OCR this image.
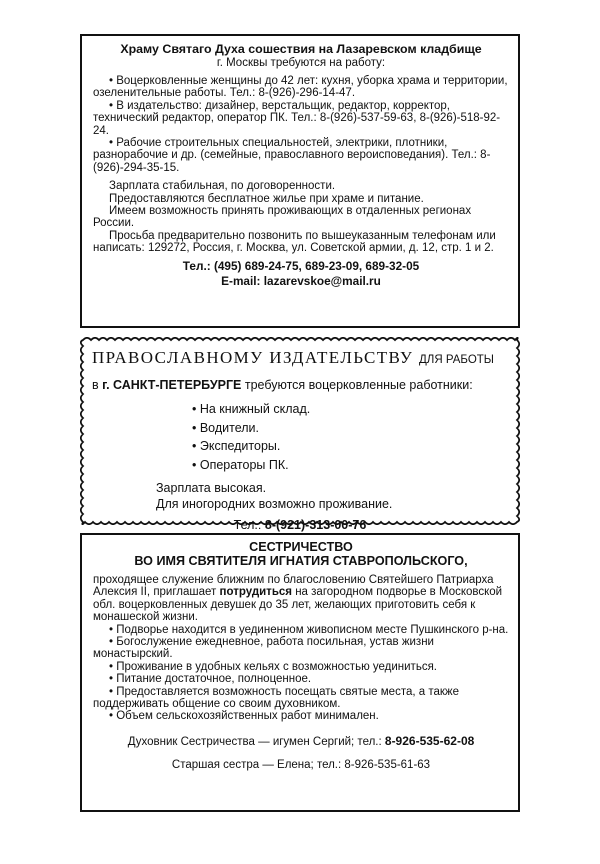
Храму Святаго Духа сошествия на Лазаревском кладбище
г. Москвы требуются на работу:

• Воцерковленные женщины до 42 лет: кухня, уборка храма и территории, озеленительные работы. Тел.: 8-(926)-296-14-47.

• В издательство: дизайнер, верстальщик, редактор, корректор, технический редактор, оператор ПК. Тел.: 8-(926)-537-59-63, 8-(926)-518-92-24.

• Рабочие строительных специальностей, электрики, плотники, разнорабочие и др. (семейные, православного вероисповедания). Тел.: 8-(926)-294-35-15.

Зарплата стабильная, по договоренности.

Предоставляются бесплатное жилье при храме и питание.

Имеем возможность принять проживающих в отдаленных регионах России.

Просьба предварительно позвонить по вышеуказанным телефонам или написать: 129272, Россия, г. Москва, ул. Советской армии, д. 12, стр. 1 и 2.

Тел.: (495) 689-24-75, 689-23-09, 689-32-05
E-mail: lazarevskoe@mail.ru
ПРАВОСЛАВНОМУ ИЗДАТЕЛЬСТВУ ДЛЯ РАБОТЫ
в г. САНКТ-ПЕТЕРБУРГЕ требуются воцерковленные работники:
• На книжный склад.
• Водители.
• Экспедиторы.
• Операторы ПК.
Зарплата высокая.
Для иногородних возможно проживание.
Тел.: 8-(921)-313-00-76
СЕСТРИЧЕСТВО
ВО ИМЯ СВЯТИТЕЛЯ ИГНАТИЯ СТАВРОПОЛЬСКОГО,

проходящее служение ближним по благословению Святейшего Патриарха Алексия II, приглашает потрудиться на загородном подворье в Московской обл. воцерковленных девушек до 35 лет, желающих приготовить себя к монашеской жизни.

• Подворье находится в уединенном живописном месте Пушкинского р-на.

• Богослужение ежедневное, работа посильная, устав жизни монастырский.

• Проживание в удобных кельях с возможностью уединиться.

• Питание достаточное, полноценное.

• Предоставляется возможность посещать святые места, а также поддерживать общение со своим духовником.

• Объем сельскохозяйственных работ минимален.

Духовник Сестричества — игумен Сергий; тел.: 8-926-535-62-08
Старшая сестра — Елена; тел.: 8-926-535-61-63
